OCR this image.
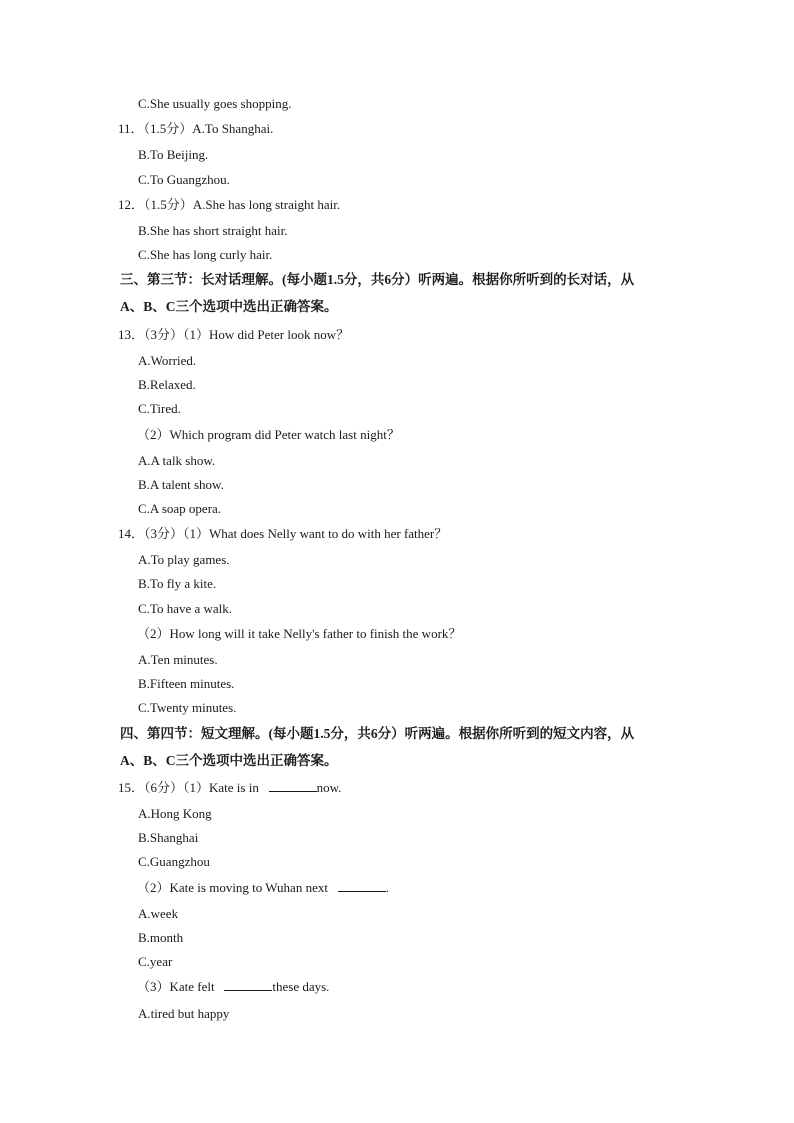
C.She usually goes shopping.
11．（1.5分）A.To Shanghai.
B.To Beijing.
C.To Guangzhou.
12．（1.5分）A.She has long straight hair.
B.She has short straight hair.
C.She has long curly hair.
三、第三节：长对话理解。(每小题1.5分，共6分）听两遍。根据你所听到的长对话，从
A、B、C三个选项中选出正确答案。
13．（3分）（1）How did Peter look now？
A.Worried.
B.Relaxed.
C.Tired.
（2）Which program did Peter watch last night？
A.A talk show.
B.A talent show.
C.A soap opera.
14．（3分）（1）What does Nelly want to do with her father？
A.To play games.
B.To fly a kite.
C.To have a walk.
（2）How long will it take Nelly's father to finish the work？
A.Ten minutes.
B.Fifteen minutes.
C.Twenty minutes.
四、第四节：短文理解。(每小题1.5分，共6分）听两遍。根据你所听到的短文内容，从
A、B、C三个选项中选出正确答案。
15．（6分）（1）Kate is in	now.
A.Hong Kong
B.Shanghai
C.Guangzhou
（2）Kate is moving to Wuhan next	.
A.week
B.month
C.year
（3）Kate felt	these days.
A.tired but happy
